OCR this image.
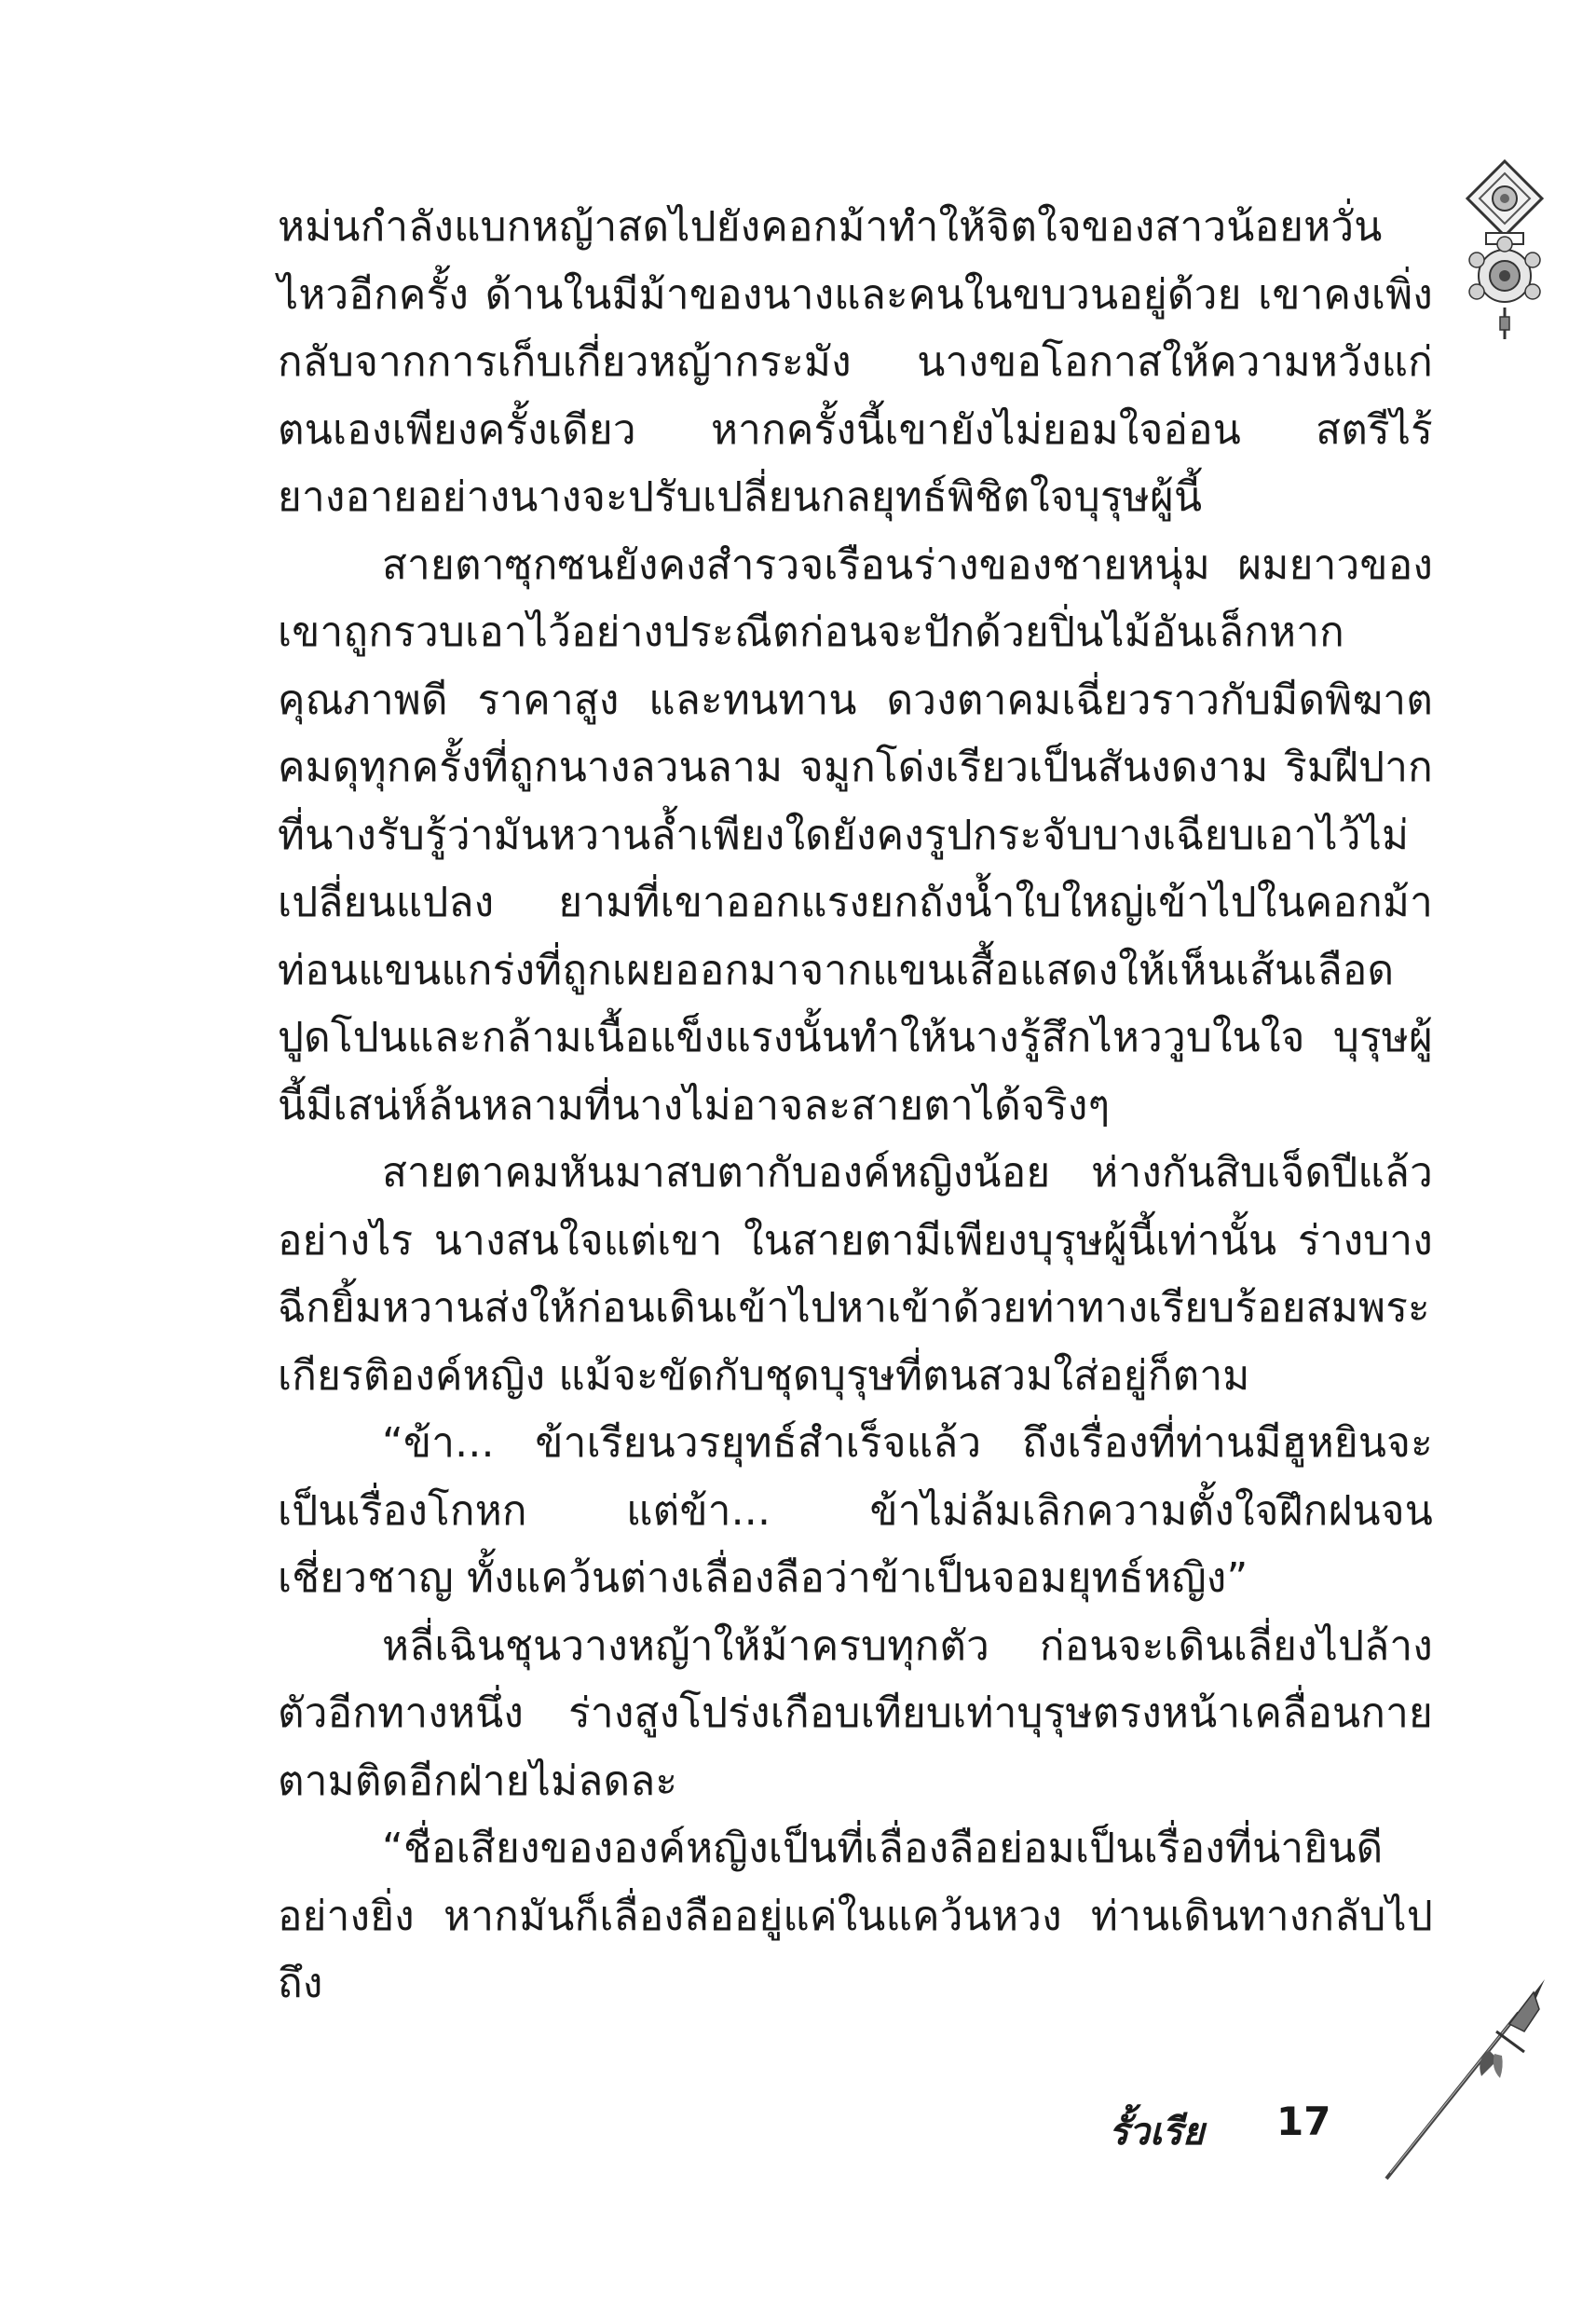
หม่นกำลังแบกหญ้าสดไปยังคอกม้าทำให้จิตใจของสาวน้อยหวั่นไหวอีกครั้ง ด้านในมีม้าของนางและคนในขบวนอยู่ด้วย เขาคงเพิ่งกลับจากการเก็บเกี่ยวหญ้ากระมัง นางขอโอกาสให้ความหวังแก่ตนเองเพียงครั้งเดียว หากครั้งนี้เขายังไม่ยอมใจอ่อน สตรีไร้ยางอายอย่างนางจะปรับเปลี่ยนกลยุทธ์พิชิตใจบุรุษผู้นี้

สายตาซุกซนยังคงสำรวจเรือนร่างของชายหนุ่ม ผมยาวของเขาถูกรวบเอาไว้อย่างประณีตก่อนจะปักด้วยปิ่นไม้อันเล็กหากคุณภาพดี ราคาสูง และทนทาน ดวงตาคมเฉี่ยวราวกับมีดพิฆาตคมดุทุกครั้งที่ถูกนางลวนลาม จมูกโด่งเรียวเป็นสันงดงาม ริมฝีปากที่นางรับรู้ว่ามันหวานล้ำเพียงใดยังคงรูปกระจับบางเฉียบเอาไว้ไม่เปลี่ยนแปลง ยามที่เขาออกแรงยกถังน้ำใบใหญ่เข้าไปในคอกม้า ท่อนแขนแกร่งที่ถูกเผยออกมาจากแขนเสื้อแสดงให้เห็นเส้นเลือดปูดโปนและกล้ามเนื้อแข็งแรงนั้นทำให้นางรู้สึกไหววูบในใจ บุรุษผู้นี้มีเสน่ห์ล้นหลามที่นางไม่อาจละสายตาได้จริงๆ

สายตาคมหันมาสบตากับองค์หญิงน้อย ห่างกันสิบเจ็ดปีแล้วอย่างไร นางสนใจแต่เขา ในสายตามีเพียงบุรุษผู้นี้เท่านั้น ร่างบางฉีกยิ้มหวานส่งให้ก่อนเดินเข้าไปหาเข้าด้วยท่าทางเรียบร้อยสมพระเกียรติองค์หญิง แม้จะขัดกับชุดบุรุษที่ตนสวมใส่อยู่ก็ตาม

“ข้า... ข้าเรียนวรยุทธ์สำเร็จแล้ว ถึงเรื่องที่ท่านมีฮูหยินจะเป็นเรื่องโกหก แต่ข้า... ข้าไม่ล้มเลิกความตั้งใจฝึกฝนจนเชี่ยวชาญ ทั้งแคว้นต่างเลื่องลือว่าข้าเป็นจอมยุทธ์หญิง”

หลี่เฉินชุนวางหญ้าให้ม้าครบทุกตัว ก่อนจะเดินเลี่ยงไปล้างตัวอีกทางหนึ่ง ร่างสูงโปร่งเกือบเทียบเท่าบุรุษตรงหน้าเคลื่อนกายตามติดอีกฝ่ายไม่ลดละ

“ชื่อเสียงขององค์หญิงเป็นที่เลื่องลือย่อมเป็นเรื่องที่น่ายินดีอย่างยิ่ง หากมันก็เลื่องลืออยู่แค่ในแคว้นหวง ท่านเดินทางกลับไปถึง

รั้วเรีย 17
